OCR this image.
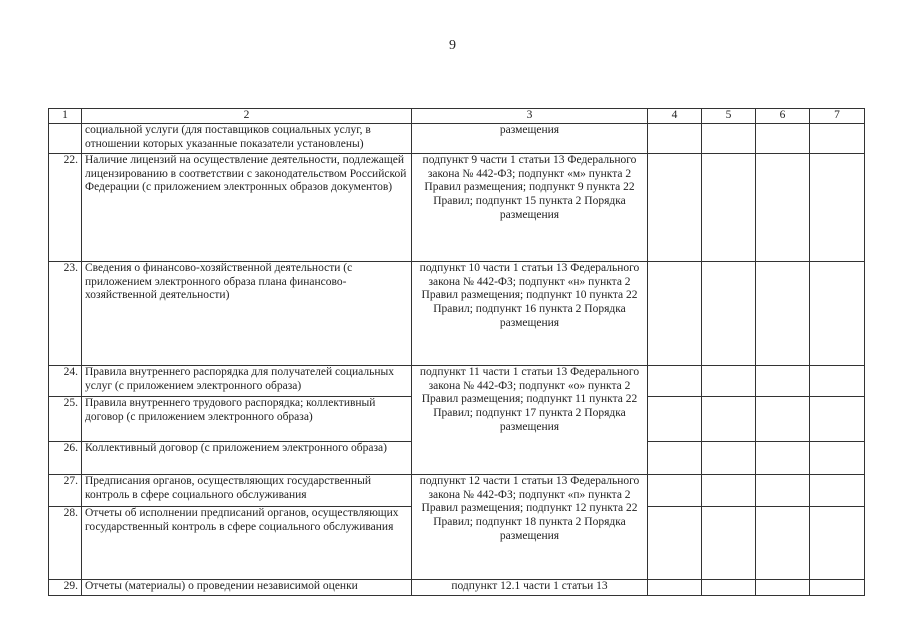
9
1	2	3	4	5	6	7
	социальной услуги (для поставщиков социальных услуг, в отношении которых указанные показатели установлены)	размещения				
22.	Наличие лицензий на осуществление деятельности, подлежащей лицензированию в соответствии с законодательством Российской Федерации (с приложением электронных образов документов)	подпункт 9 части 1 статьи 13 Федерального закона № 442-ФЗ; подпункт «м» пункта 2 Правил размещения; подпункт 9 пункта 22 Правил; подпункт 15 пункта 2 Порядка размещения				
23.	Сведения о финансово-хозяйственной деятельности (с приложением электронного образа плана финансово-хозяйственной деятельности)	подпункт 10 части 1 статьи 13 Федерального закона № 442-ФЗ; подпункт «н» пункта 2 Правил размещения; подпункт 10 пункта 22 Правил; подпункт 16 пункта 2 Порядка размещения				
24.	Правила внутреннего распорядка для получателей социальных услуг (с приложением электронного образа)	подпункт 11 части 1 статьи 13 Федерального закона № 442-ФЗ; подпункт «о» пункта 2 Правил размещения; подпункт 11 пункта 22 Правил; подпункт 17 пункта 2 Порядка размещения				
25.	Правила внутреннего трудового распорядка; коллективный договор (с приложением электронного образа)					
26.	Коллективный договор (с приложением электронного образа)					
27.	Предписания органов, осуществляющих государственный контроль в сфере социального обслуживания	подпункт 12 части 1 статьи 13 Федерального закона № 442-ФЗ; подпункт «п» пункта 2 Правил размещения; подпункт 12 пункта 22 Правил; подпункт 18 пункта 2 Порядка размещения				
28.	Отчеты об исполнении предписаний органов, осуществляющих государственный контроль в сфере социального обслуживания					
29.	Отчеты (материалы) о проведении независимой оценки	подпункт 12.1 части 1 статьи 13				
